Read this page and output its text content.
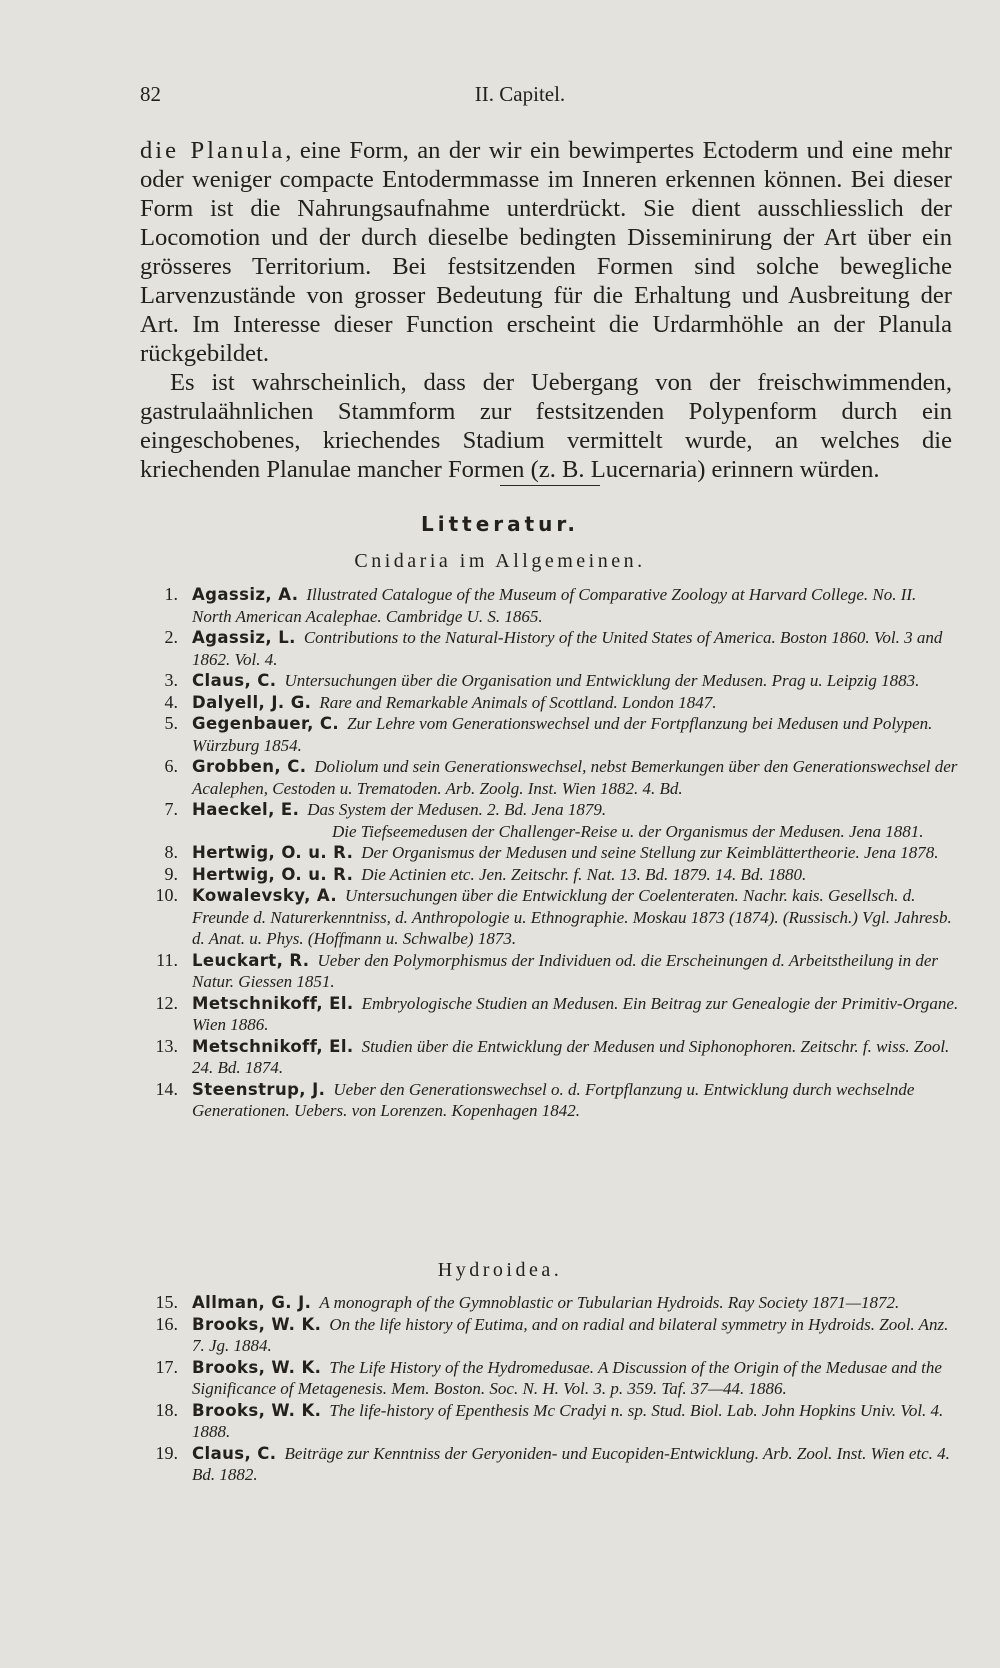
82	II. Capitel.

die Planula, eine Form, an der wir ein bewimpertes Ectoderm und eine mehr oder weniger compacte Entodermmasse im Inneren erkennen können. Bei dieser Form ist die Nahrungsaufnahme unterdrückt. Sie dient ausschliesslich der Locomotion und der durch dieselbe bedingten Disseminirung der Art über ein grösseres Territorium. Bei festsitzenden Formen sind solche bewegliche Larvenzustände von grosser Bedeutung für die Erhaltung und Ausbreitung der Art. Im Interesse dieser Function erscheint die Urdarmhöhle an der Planula rückgebildet.

Es ist wahrscheinlich, dass der Uebergang von der freischwimmenden, gastrulaähnlichen Stammform zur festsitzenden Polypenform durch ein eingeschobenes, kriechendes Stadium vermittelt wurde, an welches die kriechenden Planulae mancher Formen (z. B. Lucernaria) erinnern würden.

Litteratur.
Cnidaria im Allgemeinen.
1. Agassiz, A. Illustrated Catalogue of the Museum of Comparative Zoology at Harvard College. No. II. North American Acalephae. Cambridge U. S. 1865.
2. Agassiz, L. Contributions to the Natural-History of the United States of America. Boston 1860. Vol. 3 and 1862. Vol. 4.
3. Claus, C. Untersuchungen über die Organisation und Entwicklung der Medusen. Prag u. Leipzig 1883.
4. Dalyell, J. G. Rare and Remarkable Animals of Scottland. London 1847.
5. Gegenbauer, C. Zur Lehre vom Generationswechsel und der Fortpflanzung bei Medusen und Polypen. Würzburg 1854.
6. Grobben, C. Doliolum und sein Generationswechsel, nebst Bemerkungen über den Generationswechsel der Acalephen, Cestoden u. Trematoden. Arb. Zoolg. Inst. Wien 1882. 4. Bd.
7. Haeckel, E. Das System der Medusen. 2. Bd. Jena 1879.
Die Tiefseemedusen der Challenger-Reise u. der Organismus der Medusen. Jena 1881.
8. Hertwig, O. u. R. Der Organismus der Medusen und seine Stellung zur Keimblättertheorie. Jena 1878.
9. Hertwig, O. u. R. Die Actinien etc. Jen. Zeitschr. f. Nat. 13. Bd. 1879. 14. Bd. 1880.
10. Kowalevsky, A. Untersuchungen über die Entwicklung der Coelenteraten. Nachr. kais. Gesellsch. d. Freunde d. Naturerkenntniss, d. Anthropologie u. Ethnographie. Moskau 1873 (1874). (Russisch.) Vgl. Jahresb. d. Anat. u. Phys. (Hoffmann u. Schwalbe) 1873.
11. Leuckart, R. Ueber den Polymorphismus der Individuen od. die Erscheinungen d. Arbeitstheilung in der Natur. Giessen 1851.
12. Metschnikoff, El. Embryologische Studien an Medusen. Ein Beitrag zur Genealogie der Primitiv-Organe. Wien 1886.
13. Metschnikoff, El. Studien über die Entwicklung der Medusen und Siphonophoren. Zeitschr. f. wiss. Zool. 24. Bd. 1874.
14. Steenstrup, J. Ueber den Generationswechsel o. d. Fortpflanzung u. Entwicklung durch wechselnde Generationen. Uebers. von Lorenzen. Kopenhagen 1842.
Hydroidea.
15. Allman, G. J. A monograph of the Gymnoblastic or Tubularian Hydroids. Ray Society 1871—1872.
16. Brooks, W. K. On the life history of Eutima, and on radial and bilateral symmetry in Hydroids. Zool. Anz. 7. Jg. 1884.
17. Brooks, W. K. The Life History of the Hydromedusae. A Discussion of the Origin of the Medusae and the Significance of Metagenesis. Mem. Boston. Soc. N. H. Vol. 3. p. 359. Taf. 37—44. 1886.
18. Brooks, W. K. The life-history of Epenthesis Mc Cradyi n. sp. Stud. Biol. Lab. John Hopkins Univ. Vol. 4. 1888.
19. Claus, C. Beiträge zur Kenntniss der Geryoniden- und Eucopiden-Entwicklung. Arb. Zool. Inst. Wien etc. 4. Bd. 1882.
